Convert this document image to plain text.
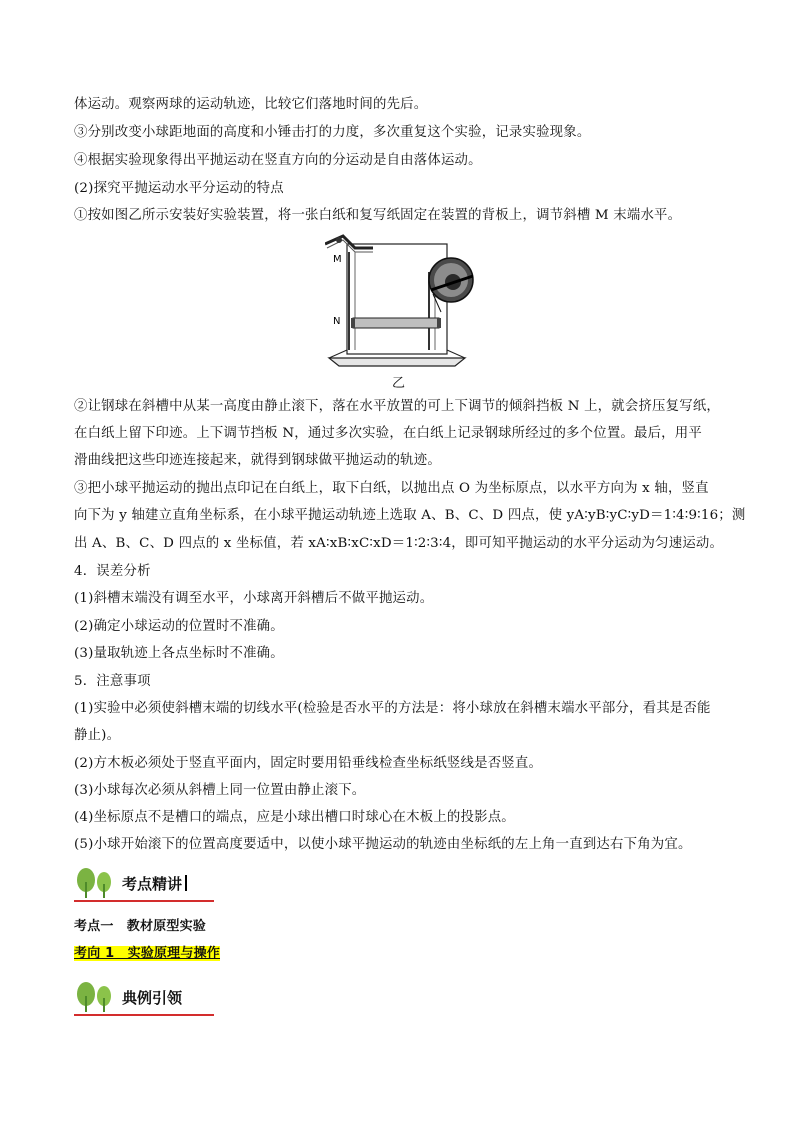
体运动。观察两球的运动轨迹，比较它们落地时间的先后。
③分别改变小球距地面的高度和小锤击打的力度，多次重复这个实验，记录实验现象。
④根据实验现象得出平抛运动在竖直方向的分运动是自由落体运动。
(2)探究平抛运动水平分运动的特点
①按如图乙所示安装好实验装置，将一张白纸和复写纸固定在装置的背板上，调节斜槽 M 末端水平。
M
N
乙
②让钢球在斜槽中从某一高度由静止滚下，落在水平放置的可上下调节的倾斜挡板 N 上，就会挤压复写纸，
在白纸上留下印迹。上下调节挡板 N，通过多次实验，在白纸上记录钢球所经过的多个位置。最后，用平
滑曲线把这些印迹连接起来，就得到钢球做平抛运动的轨迹。
③把小球平抛运动的抛出点印记在白纸上，取下白纸，以抛出点 O 为坐标原点，以水平方向为 x 轴，竖直
向下为 y 轴建立直角坐标系，在小球平抛运动轨迹上选取 A、B、C、D 四点，使 yA∶yB∶yC∶yD＝1∶4∶9∶16；测
出 A、B、C、D 四点的 x 坐标值，若 xA∶xB∶xC∶xD＝1∶2∶3∶4，即可知平抛运动的水平分运动为匀速运动。
4．误差分析
(1)斜槽末端没有调至水平，小球离开斜槽后不做平抛运动。
(2)确定小球运动的位置时不准确。
(3)量取轨迹上各点坐标时不准确。
5．注意事项
(1)实验中必须使斜槽末端的切线水平(检验是否水平的方法是：将小球放在斜槽末端水平部分，看其是否能
静止)。
(2)方木板必须处于竖直平面内，固定时要用铅垂线检查坐标纸竖线是否竖直。
(3)小球每次必须从斜槽上同一位置由静止滚下。
(4)坐标原点不是槽口的端点，应是小球出槽口时球心在木板上的投影点。
(5)小球开始滚下的位置高度要适中，以使小球平抛运动的轨迹由坐标纸的左上角一直到达右下角为宜。
考点精讲
考点一　教材原型实验
考向 1　实验原理与操作
典例引领
